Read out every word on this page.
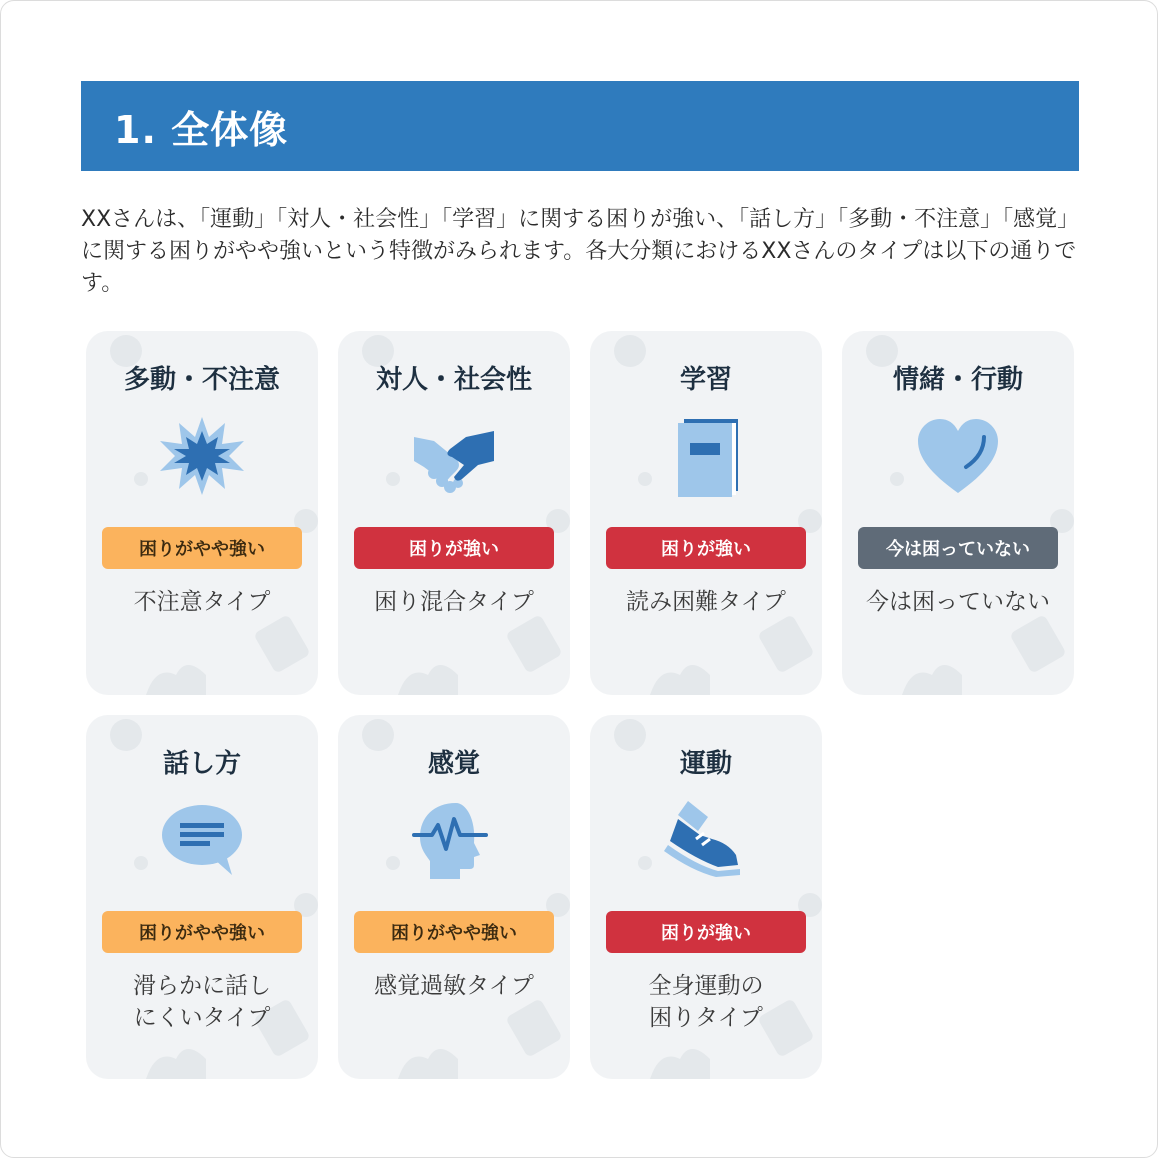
1. 全体像

XXさんは、「運動」「対人・社会性」「学習」に関する困りが強い、「話し方」「多動・不注意」「感覚」 に関する困りがやや強いという特徴がみられます。各大分類におけるXXさんのタイプは以下の通りです。

多動・不注意
困りがやや強い
不注意タイプ
対人・社会性
困りが強い
困り混合タイプ
学習
困りが強い
読み困難タイプ
情緒・行動
今は困っていない
今は困っていない
話し方
困りがやや強い
滑らかに話し
にくいタイプ
感覚
困りがやや強い
感覚過敏タイプ
運動
困りが強い
全身運動の
困りタイプ
